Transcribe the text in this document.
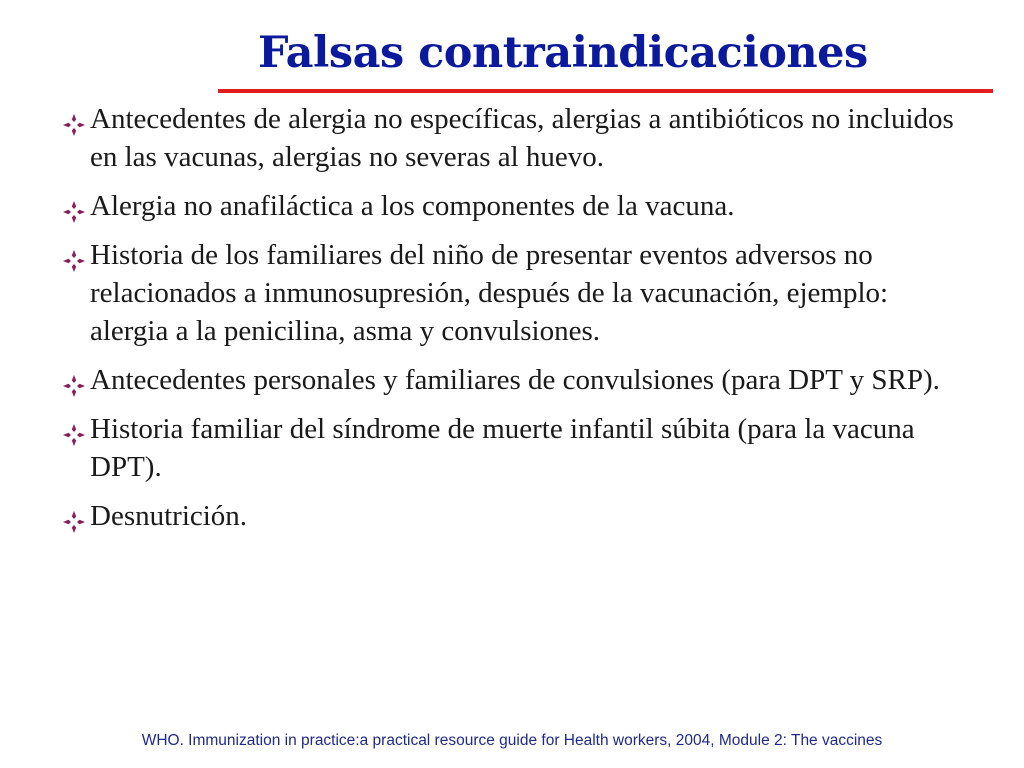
Falsas contraindicaciones
Antecedentes de alergia no específicas, alergias a antibióticos no incluidos en las vacunas, alergias no severas al huevo.
Alergia no anafiláctica a los componentes de la vacuna.
Historia de los familiares del niño de presentar eventos adversos no relacionados a inmunosupresión, después de la vacunación, ejemplo: alergia a la penicilina, asma y convulsiones.
Antecedentes personales y familiares de convulsiones (para DPT y SRP).
Historia familiar del síndrome de muerte infantil súbita (para la vacuna DPT).
Desnutrición.
WHO. Immunization in practice:a practical resource guide for Health workers, 2004, Module 2: The vaccines
